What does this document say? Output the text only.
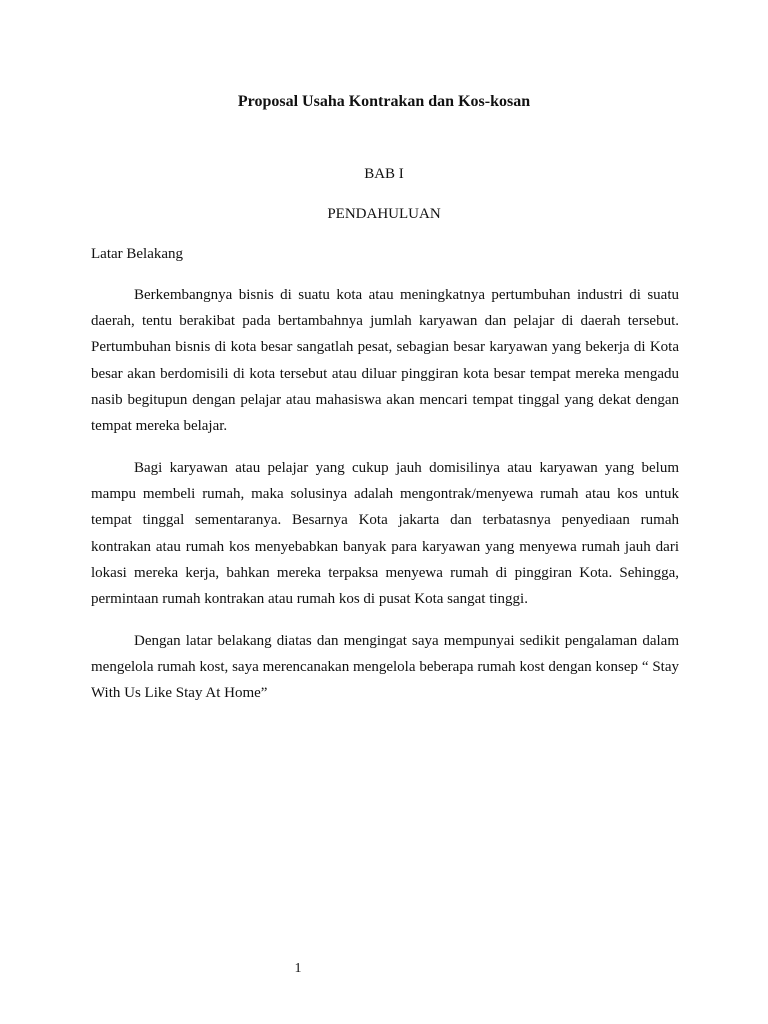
Proposal Usaha Kontrakan dan Kos-kosan
BAB I
PENDAHULUAN
Latar Belakang

Berkembangnya bisnis di suatu kota atau meningkatnya pertumbuhan industri di suatu daerah, tentu berakibat pada bertambahnya jumlah karyawan dan pelajar di daerah tersebut. Pertumbuhan bisnis di kota besar sangatlah pesat, sebagian besar karyawan yang bekerja di Kota besar akan berdomisili di kota tersebut atau diluar pinggiran kota besar tempat mereka mengadu nasib begitupun dengan pelajar atau mahasiswa akan mencari tempat tinggal yang dekat dengan tempat mereka belajar.

Bagi karyawan atau pelajar yang cukup jauh domisilinya atau karyawan yang belum mampu membeli rumah, maka solusinya adalah mengontrak/menyewa rumah atau kos untuk tempat tinggal sementaranya. Besarnya Kota jakarta dan terbatasnya penyediaan rumah kontrakan atau rumah kos menyebabkan banyak para karyawan yang menyewa rumah jauh dari lokasi mereka kerja, bahkan mereka terpaksa menyewa rumah di pinggiran Kota. Sehingga, permintaan rumah kontrakan atau rumah kos di pusat Kota sangat tinggi.

Dengan latar belakang diatas dan mengingat saya mempunyai sedikit pengalaman dalam mengelola rumah kost, saya merencanakan mengelola beberapa rumah kost dengan konsep “ Stay With Us Like Stay At Home”

1
